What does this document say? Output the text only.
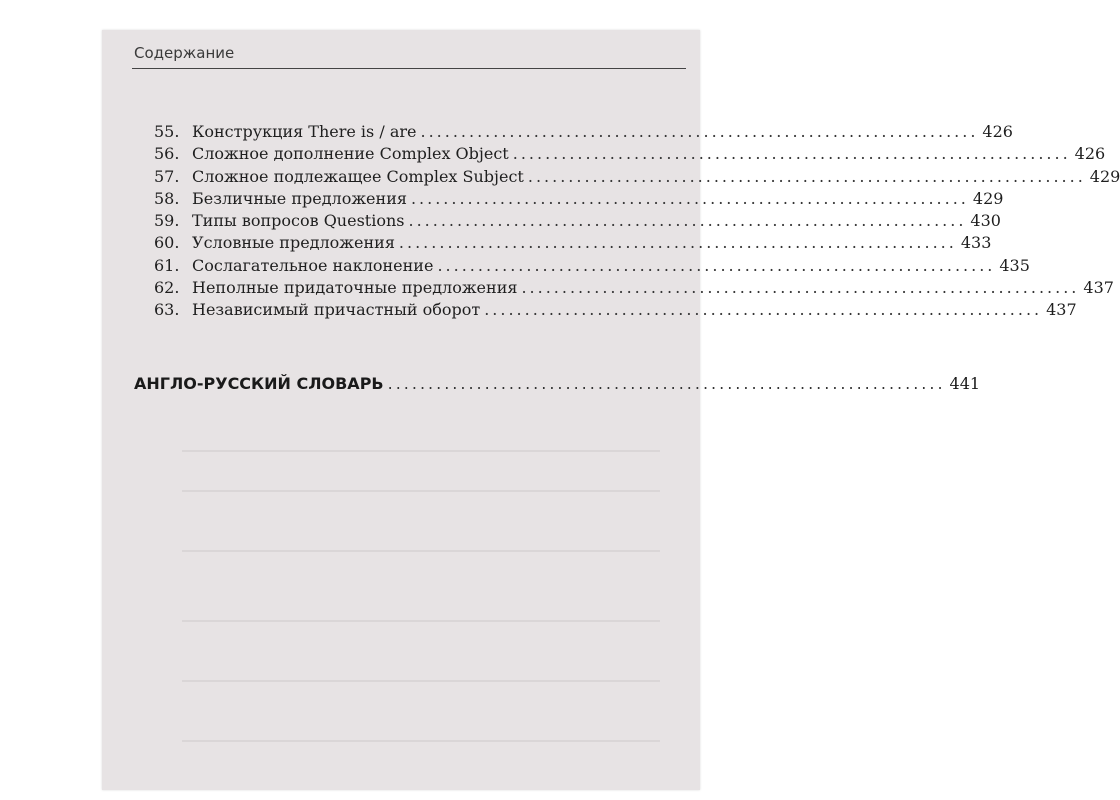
Содержание
55. Конструкция There is / are ..................................................................... 426
56. Сложное дополнение Complex Object ..................................................................... 426
57. Сложное подлежащее Complex Subject ..................................................................... 429
58. Безличные предложения ..................................................................... 429
59. Типы вопросов Questions ..................................................................... 430
60. Условные предложения ..................................................................... 433
61. Сослагательное наклонение ..................................................................... 435
62. Неполные придаточные предложения ..................................................................... 437
63. Независимый причастный оборот ..................................................................... 437
АНГЛО-РУССКИЙ СЛОВАРЬ ..................................................................... 441
